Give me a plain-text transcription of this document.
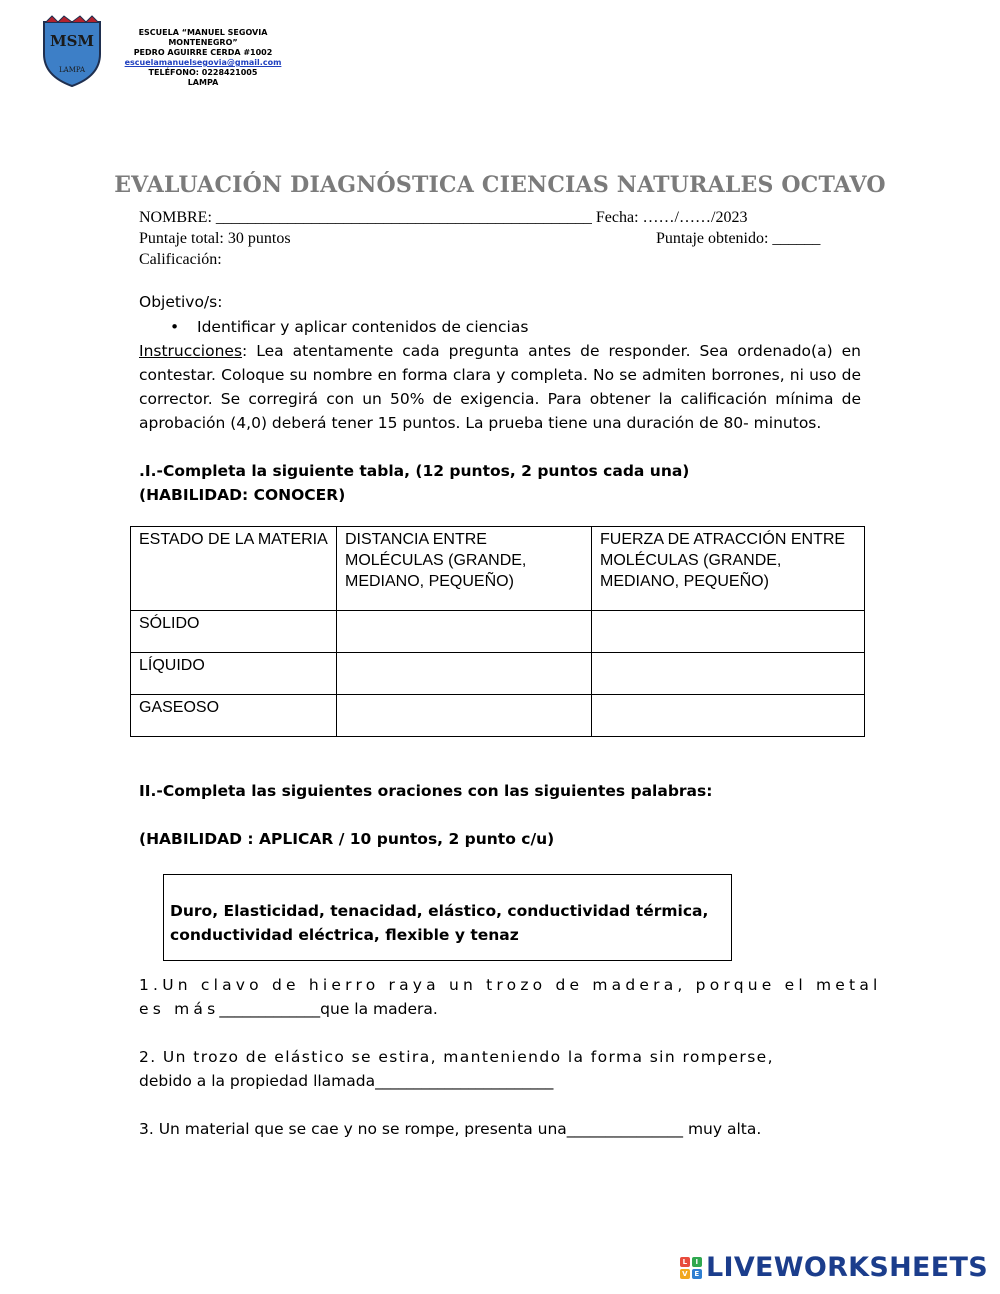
MSM
LAMPA
ESCUELA “MANUEL SEGOVIA
MONTENEGRO”
PEDRO AGUIRRE CERDA #1002
escuelamanuelsegovia@gmail.com
TELÉFONO: 0228421005
LAMPA
EVALUACIÓN DIAGNÓSTICA CIENCIAS NATURALES OCTAVO
NOMBRE: _______________________________________________ Fecha: ……/……/2023
Puntaje total: 30 puntos	Puntaje obtenido: ______
Calificación:
Objetivo/s:
• Identificar y aplicar contenidos de ciencias
Instrucciones: Lea atentamente cada pregunta antes de responder. Sea ordenado(a) en contestar. Coloque su nombre en forma clara y completa. No se admiten borrones, ni uso de corrector. Se corregirá con un 50% de exigencia. Para obtener la calificación mínima de aprobación (4,0) deberá tener 15 puntos. La prueba tiene una duración de 80- minutos.
.I.-Completa la siguiente tabla, (12 puntos, 2 puntos cada una)
(HABILIDAD: CONOCER)
ESTADO DE LA MATERIA	DISTANCIA ENTRE MOLÉCULAS (GRANDE, MEDIANO, PEQUEÑO)	FUERZA DE ATRACCIÓN ENTRE MOLÉCULAS (GRANDE, MEDIANO, PEQUEÑO)
SÓLIDO		
LÍQUIDO		
GASEOSO		
II.-Completa las siguientes oraciones con las siguientes palabras:
(HABILIDAD : APLICAR / 10 puntos, 2 punto c/u)
Duro, Elasticidad, tenacidad, elástico, conductividad térmica, conductividad eléctrica, flexible y tenaz
1.Un clavo de hierro raya un trozo de madera, porque el metal
es más_____________que la madera.
2. Un trozo de elástico se estira, manteniendo la forma sin romperse,
debido a la propiedad llamada_______________________
3. Un material que se cae y no se rompe, presenta una_______________ muy alta.
L	I
V E LIVEWORKSHEETS
